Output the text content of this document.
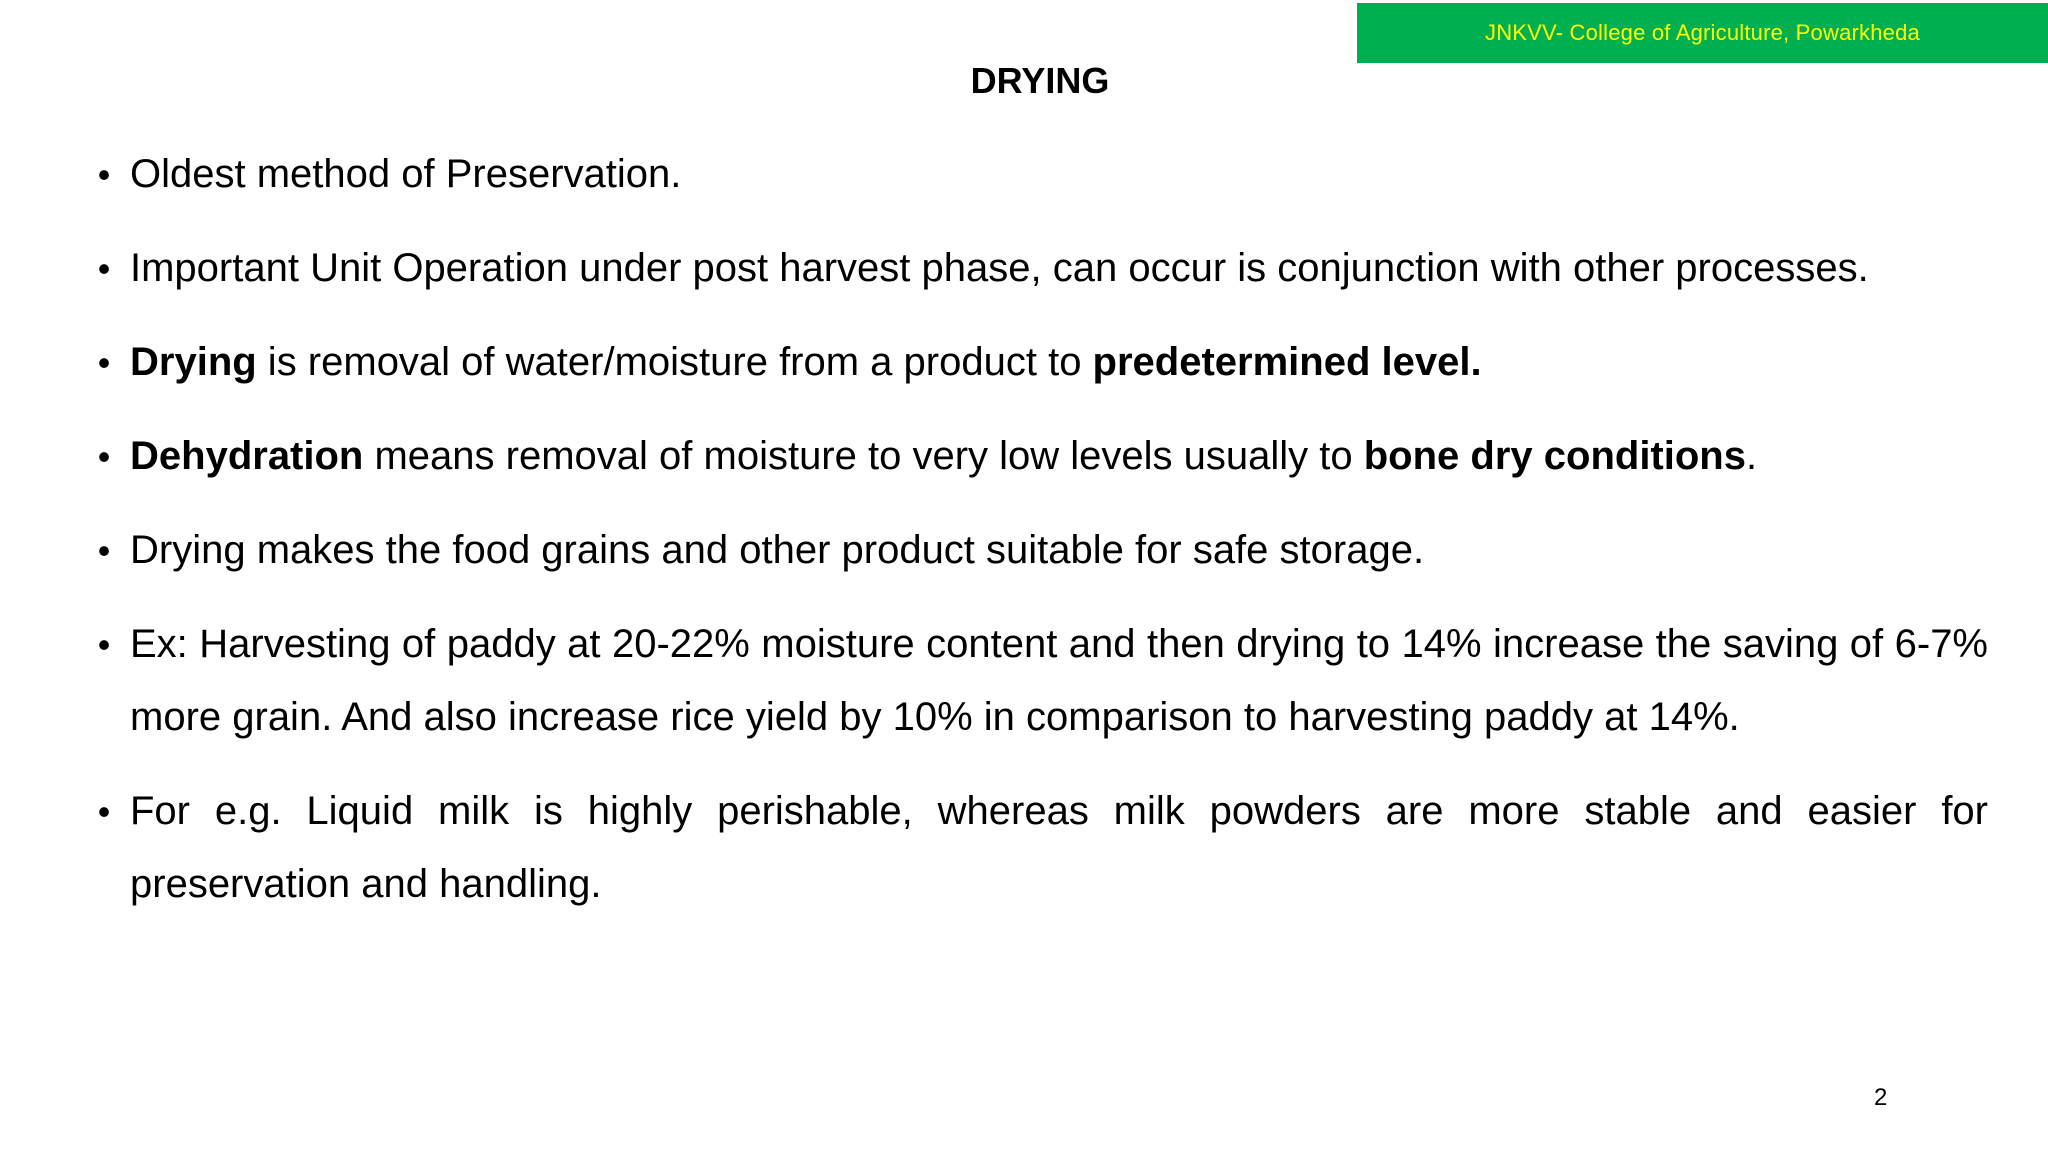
JNKVV- College of Agriculture, Powarkheda
DRYING
• Oldest method of Preservation.
• Important Unit Operation under post harvest phase, can occur is conjunction with other processes.
• Drying is removal of water/moisture from a product to predetermined level.
• Dehydration means removal of moisture to very low levels usually to bone dry conditions.
• Drying makes the food grains and other product suitable for safe storage.
• Ex: Harvesting of paddy at 20-22% moisture content and then drying to 14% increase the saving of 6-7% more grain. And also increase rice yield by 10% in comparison to harvesting paddy at 14%.
• For e.g. Liquid milk is highly perishable, whereas milk powders are more stable and easier for preservation and handling.
2
